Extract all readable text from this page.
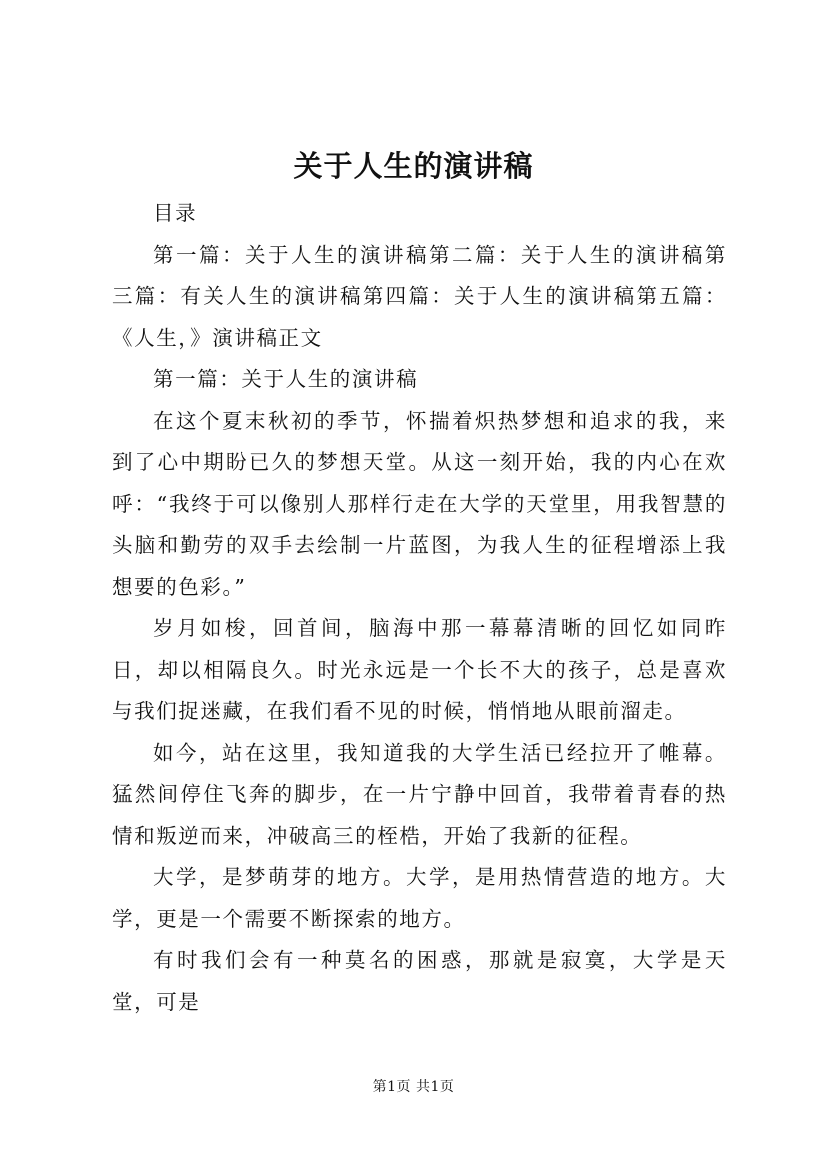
关于人生的演讲稿

目录

第一篇：关于人生的演讲稿第二篇：关于人生的演讲稿第三篇：有关人生的演讲稿第四篇：关于人生的演讲稿第五篇：《人生，》演讲稿正文

第一篇：关于人生的演讲稿

在这个夏末秋初的季节，怀揣着炽热梦想和追求的我，来到了心中期盼已久的梦想天堂。从这一刻开始，我的内心在欢呼：“我终于可以像别人那样行走在大学的天堂里，用我智慧的头脑和勤劳的双手去绘制一片蓝图，为我人生的征程增添上我想要的色彩。”

岁月如梭，回首间，脑海中那一幕幕清晰的回忆如同昨日，却以相隔良久。时光永远是一个长不大的孩子，总是喜欢与我们捉迷藏，在我们看不见的时候，悄悄地从眼前溜走。

如今，站在这里，我知道我的大学生活已经拉开了帷幕。猛然间停住飞奔的脚步，在一片宁静中回首，我带着青春的热情和叛逆而来，冲破高三的桎梏，开始了我新的征程。

大学，是梦萌芽的地方。大学，是用热情营造的地方。大学，更是一个需要不断探索的地方。

有时我们会有一种莫名的困惑，那就是寂寞，大学是天堂，可是

第1页 共1页
